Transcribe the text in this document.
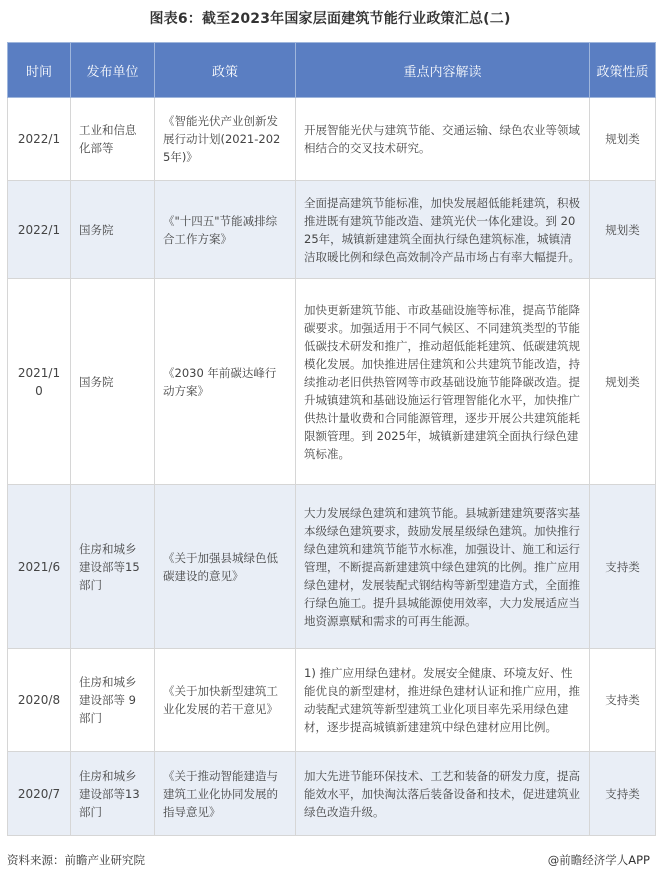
图表6：截至2023年国家层面建筑节能行业政策汇总(二)
时间	发布单位	政策	重点内容解读	政策性质
2022/1	工业和信息化部等	《智能光伏产业创新发展行动计划(2021-2025年)》	开展智能光伏与建筑节能、交通运输、绿色农业等领域相结合的交叉技术研究。	规划类
2022/1	国务院	《"十四五"节能减排综合工作方案》	全面提高建筑节能标准，加快发展超低能耗建筑，积极推进既有建筑节能改造、建筑光伏一体化建设。到 2025年，城镇新建建筑全面执行绿色建筑标准，城镇清洁取暖比例和绿色高效制冷产品市场占有率大幅提升。	规划类
2021/10	国务院	《2030 年前碳达峰行动方案》	加快更新建筑节能、市政基础设施等标准，提高节能降碳要求。加强适用于不同气候区、不同建筑类型的节能低碳技术研发和推广，推动超低能耗建筑、低碳建筑规模化发展。加快推进居住建筑和公共建筑节能改造，持续推动老旧供热管网等市政基础设施节能降碳改造。提升城镇建筑和基础设施运行管理智能化水平，加快推广供热计量收费和合同能源管理，逐步开展公共建筑能耗限额管理。到 2025年，城镇新建建筑全面执行绿色建筑标准。	规划类
2021/6	住房和城乡建设部等15部门	《关于加强县城绿色低碳建设的意见》	大力发展绿色建筑和建筑节能。县城新建建筑要落实基本级绿色建筑要求，鼓励发展星级绿色建筑。加快推行绿色建筑和建筑节能节水标准，加强设计、施工和运行管理，不断提高新建建筑中绿色建筑的比例。推广应用绿色建材，发展装配式钢结构等新型建造方式，全面推行绿色施工。提升县城能源使用效率，大力发展适应当地资源禀赋和需求的可再生能源。	支持类
2020/8	住房和城乡建设部等 9部门	《关于加快新型建筑工业化发展的若干意见》	1) 推广应用绿色建材。发展安全健康、环境友好、性能优良的新型建材，推进绿色建材认证和推广应用，推动装配式建筑等新型建筑工业化项目率先采用绿色建材，逐步提高城镇新建建筑中绿色建材应用比例。	支持类
2020/7	住房和城乡建设部等13部门	《关于推动智能建造与建筑工业化协同发展的指导意见》	加大先进节能环保技术、工艺和装备的研发力度，提高能效水平，加快淘汰落后装备设备和技术，促进建筑业绿色改造升级。	支持类
资料来源：前瞻产业研究院	@前瞻经济学人APP
